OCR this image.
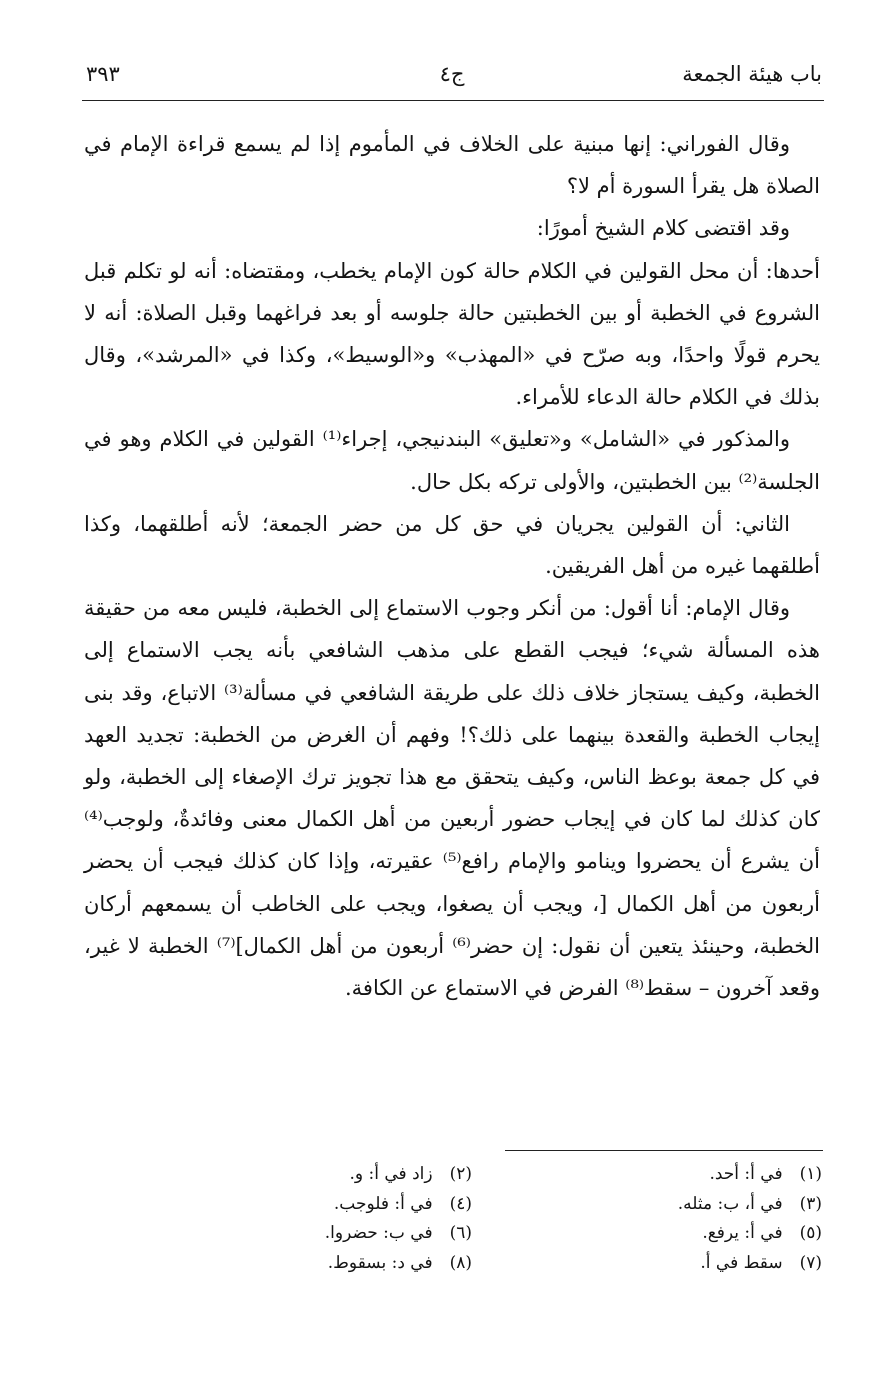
باب هيئة الجمعة
ج٤
٣٩٣

وقال الفوراني: إنها مبنية على الخلاف في المأموم إذا لم يسمع قراءة الإمام في الصلاة هل يقرأ السورة أم لا؟

وقد اقتضى كلام الشيخ أمورًا:

أحدها: أن محل القولين في الكلام حالة كون الإمام يخطب، ومقتضاه: أنه لو تكلم قبل الشروع في الخطبة أو بين الخطبتين حالة جلوسه أو بعد فراغهما وقبل الصلاة: أنه لا يحرم قولًا واحدًا، وبه صرّح في «المهذب» و«الوسيط»، وكذا في «المرشد»، وقال بذلك في الكلام حالة الدعاء للأمراء.

والمذكور في «الشامل» و«تعليق» البندنيجي، إجراء⁽¹⁾ القولين في الكلام وهو في الجلسة⁽²⁾ بين الخطبتين، والأولى تركه بكل حال.

الثاني: أن القولين يجريان في حق كل من حضر الجمعة؛ لأنه أطلقهما، وكذا أطلقهما غيره من أهل الفريقين.

وقال الإمام: أنا أقول: من أنكر وجوب الاستماع إلى الخطبة، فليس معه من حقيقة هذه المسألة شيء؛ فيجب القطع على مذهب الشافعي بأنه يجب الاستماع إلى الخطبة، وكيف يستجاز خلاف ذلك على طريقة الشافعي في مسألة⁽³⁾ الاتباع، وقد بنى إيجاب الخطبة والقعدة بينهما على ذلك؟! وفهم أن الغرض من الخطبة: تجديد العهد في كل جمعة بوعظ الناس، وكيف يتحقق مع هذا تجويز ترك الإصغاء إلى الخطبة، ولو كان كذلك لما كان في إيجاب حضور أربعين من أهل الكمال معنى وفائدةٌ، ولوجب⁽⁴⁾ أن يشرع أن يحضروا وينامو والإمام رافع⁽⁵⁾ عقيرته، وإذا كان كذلك فيجب أن يحضر أربعون من أهل الكمال [، ويجب أن يصغوا، ويجب على الخاطب أن يسمعهم أركان الخطبة، وحينئذ يتعين أن نقول: إن حضر⁽⁶⁾ أربعون من أهل الكمال]⁽⁷⁾ الخطبة لا غير، وقعد آخرون – سقط⁽⁸⁾ الفرض في الاستماع عن الكافة.

(١) في أ: أحد.
(٣) في أ، ب: مثله.
(٥) في أ: يرفع.
(٧) سقط في أ.
(٢) زاد في أ: و.
(٤) في أ: فلوجب.
(٦) في ب: حضروا.
(٨) في د: بسقوط.
